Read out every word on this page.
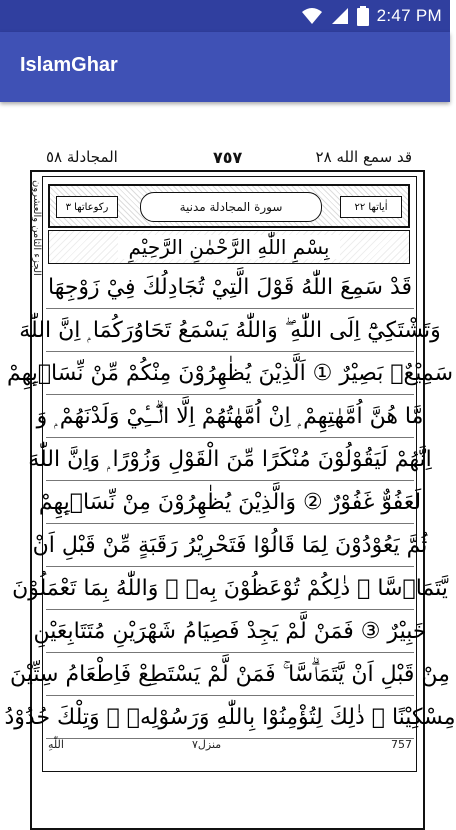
2:47 PM
IslamGhar
المجادلة ٥٨	٧٥٧	قد سمع الله ٢٨
الجزء الثامن والعشرون	ركوعاتها ٣	سورة المجادلة مدنية	اٰياتها ٢٢
بِسْمِ اللّٰهِ الرَّحْمٰنِ الرَّحِيْمِ
قَدْ سَمِعَ اللّٰهُ قَوْلَ الَّتِيْ تُجَادِلُكَ فِيْ زَوْجِهَا
وَتَشْتَكِيْٓ اِلَى اللّٰهِ ۖ وَاللّٰهُ يَسْمَعُ تَحَاوُرَكُمَا ۭ اِنَّ اللّٰهَ
سَمِيْعٌۢ بَصِيْرٌ ① اَلَّذِيْنَ يُظٰهِرُوْنَ مِنْكُمْ مِّنْ نِّسَاۗىِٕهِمْ
مَّا هُنَّ اُمَّهٰتِهِمْ ۭ اِنْ اُمَّهٰتُهُمْ اِلَّا الّٰۗــِٔيْ وَلَدْنَهُمْ ۭ وَ
اِنَّهُمْ لَيَقُوْلُوْنَ مُنْكَرًا مِّنَ الْقَوْلِ وَزُوْرًا ۭ وَاِنَّ اللّٰهَ
لَعَفُوٌّ غَفُوْرٌ ② وَالَّذِيْنَ يُظٰهِرُوْنَ مِنْ نِّسَاۗىِٕهِمْ
ثُمَّ يَعُوْدُوْنَ لِمَا قَالُوْا فَتَحْرِيْرُ رَقَبَةٍ مِّنْ قَبْلِ اَنْ
يَّتَمَاۗسَّا ۭ ذٰلِكُمْ تُوْعَظُوْنَ بِهٖ ۭ وَاللّٰهُ بِمَا تَعْمَلُوْنَ
خَبِيْرٌ ③ فَمَنْ لَّمْ يَجِدْ فَصِيَامُ شَهْرَيْنِ مُتَتَابِعَيْنِ
مِنْ قَبْلِ اَنْ يَّتَمَاۗسَّا ۚ فَمَنْ لَّمْ يَسْتَطِعْ فَاِطْعَامُ سِتِّيْنَ
مِسْكِيْنًا ۭ ذٰلِكَ لِتُؤْمِنُوْا بِاللّٰهِ وَرَسُوْلِهٖ ۭ وَتِلْكَ حُدُوْدُ
اللّٰهِ	منزل٧	757
